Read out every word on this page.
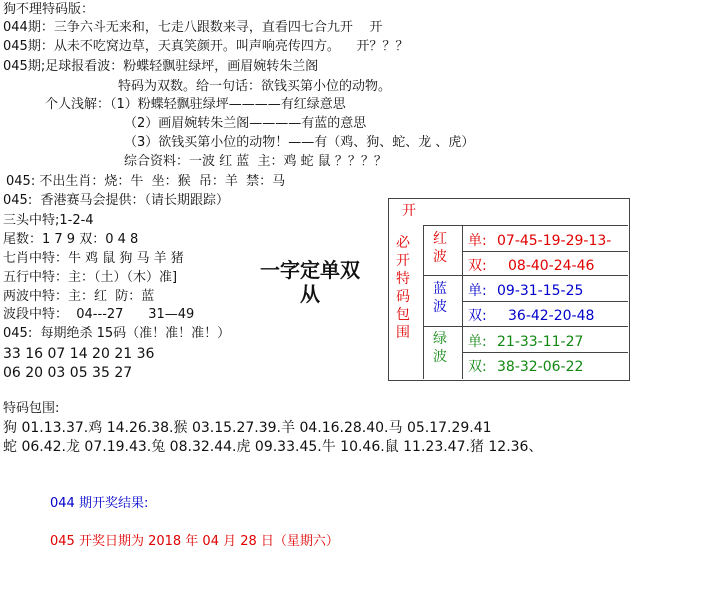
狗不理特码版：
044期：三争六斗无来和，七走八跟数来寻，直看四七合九开    开
045期：从未不吃窝边草，天真笑颜开。叫声响亮传四方。    开？？？
045期;足球报看波：粉蝶轻飘驻绿坪，画眉婉转朱兰阁
特码为双数。给一句话：欲钱买第小位的动物。
个人浅解：（1）粉蝶轻飘驻绿坪————有红绿意思
（2）画眉婉转朱兰阁————有蓝的意思
（3）欲钱买第小位的动物！——有（鸡、狗、蛇、龙 、虎）
综合资料：一波 红 蓝  主：鸡 蛇 鼠 ？？？？
045: 不出生肖：烧：牛  坐：猴  吊：羊  禁：马
045:  香港赛马会提供：（请长期跟踪）
三头中特;1-2-4
尾数：1 7 9 双：0 4 8
七肖中特：牛 鸡 鼠 狗 马 羊 猪
五行中特：主：（土）（木）准]
两波中特：主：红  防：蓝
波段中特：  04---27      31—49
045:  每期绝杀 15码（准！准！准！）
33 16 07 14 20 21 36
06 20 03 05 35 27
一字定单双
从
开
必开特码包围
红波
蓝波
绿波
单: 07-45-19-29-13-
双: 08-40-24-46
单: 09-31-15-25
双: 36-42-20-48
单: 21-33-11-27
双: 38-32-06-22
特码包围:
狗 01.13.37.鸡 14.26.38.猴 03.15.27.39.羊 04.16.28.40.马 05.17.29.41
蛇 06.42.龙 07.19.43.兔 08.32.44.虎 09.33.45.牛 10.46.鼠 11.23.47.猪 12.36、
044 期开奖结果:
045 开奖日期为 2018 年 04 月 28 日（星期六）
